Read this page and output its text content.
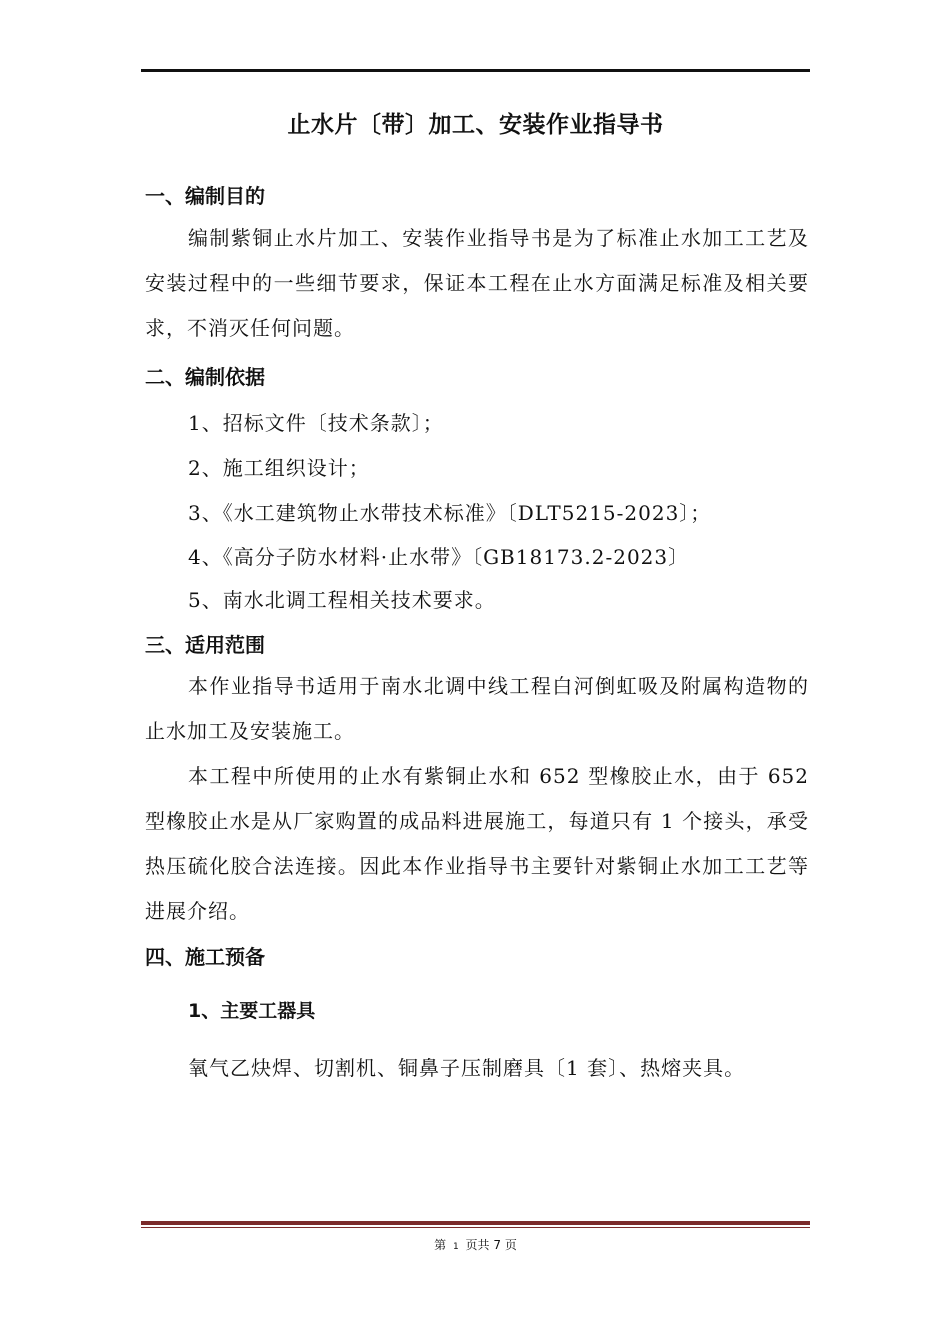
止水片〔带〕加工、安装作业指导书
一、编制目的
编制紫铜止水片加工、安装作业指导书是为了标准止水加工工艺及安装过程中的一些细节要求，保证本工程在止水方面满足标准及相关要求，不消灭任何问题。
二、编制依据
1、招标文件〔技术条款〕；
2、施工组织设计；
3、《水工建筑物止水带技术标准》〔DLT5215-2023〕；
4、《高分子防水材料·止水带》〔GB18173.2-2023〕
5、南水北调工程相关技术要求。
三、适用范围
本作业指导书适用于南水北调中线工程白河倒虹吸及附属构造物的止水加工及安装施工。
本工程中所使用的止水有紫铜止水和 652 型橡胶止水，由于 652 型橡胶止水是从厂家购置的成品料进展施工，每道只有 1 个接头，承受热压硫化胶合法连接。因此本作业指导书主要针对紫铜止水加工工艺等进展介绍。
四、施工预备
1、主要工器具
氧气乙炔焊、切割机、铜鼻子压制磨具〔1 套〕、热熔夹具。
第 1 页共 7 页
